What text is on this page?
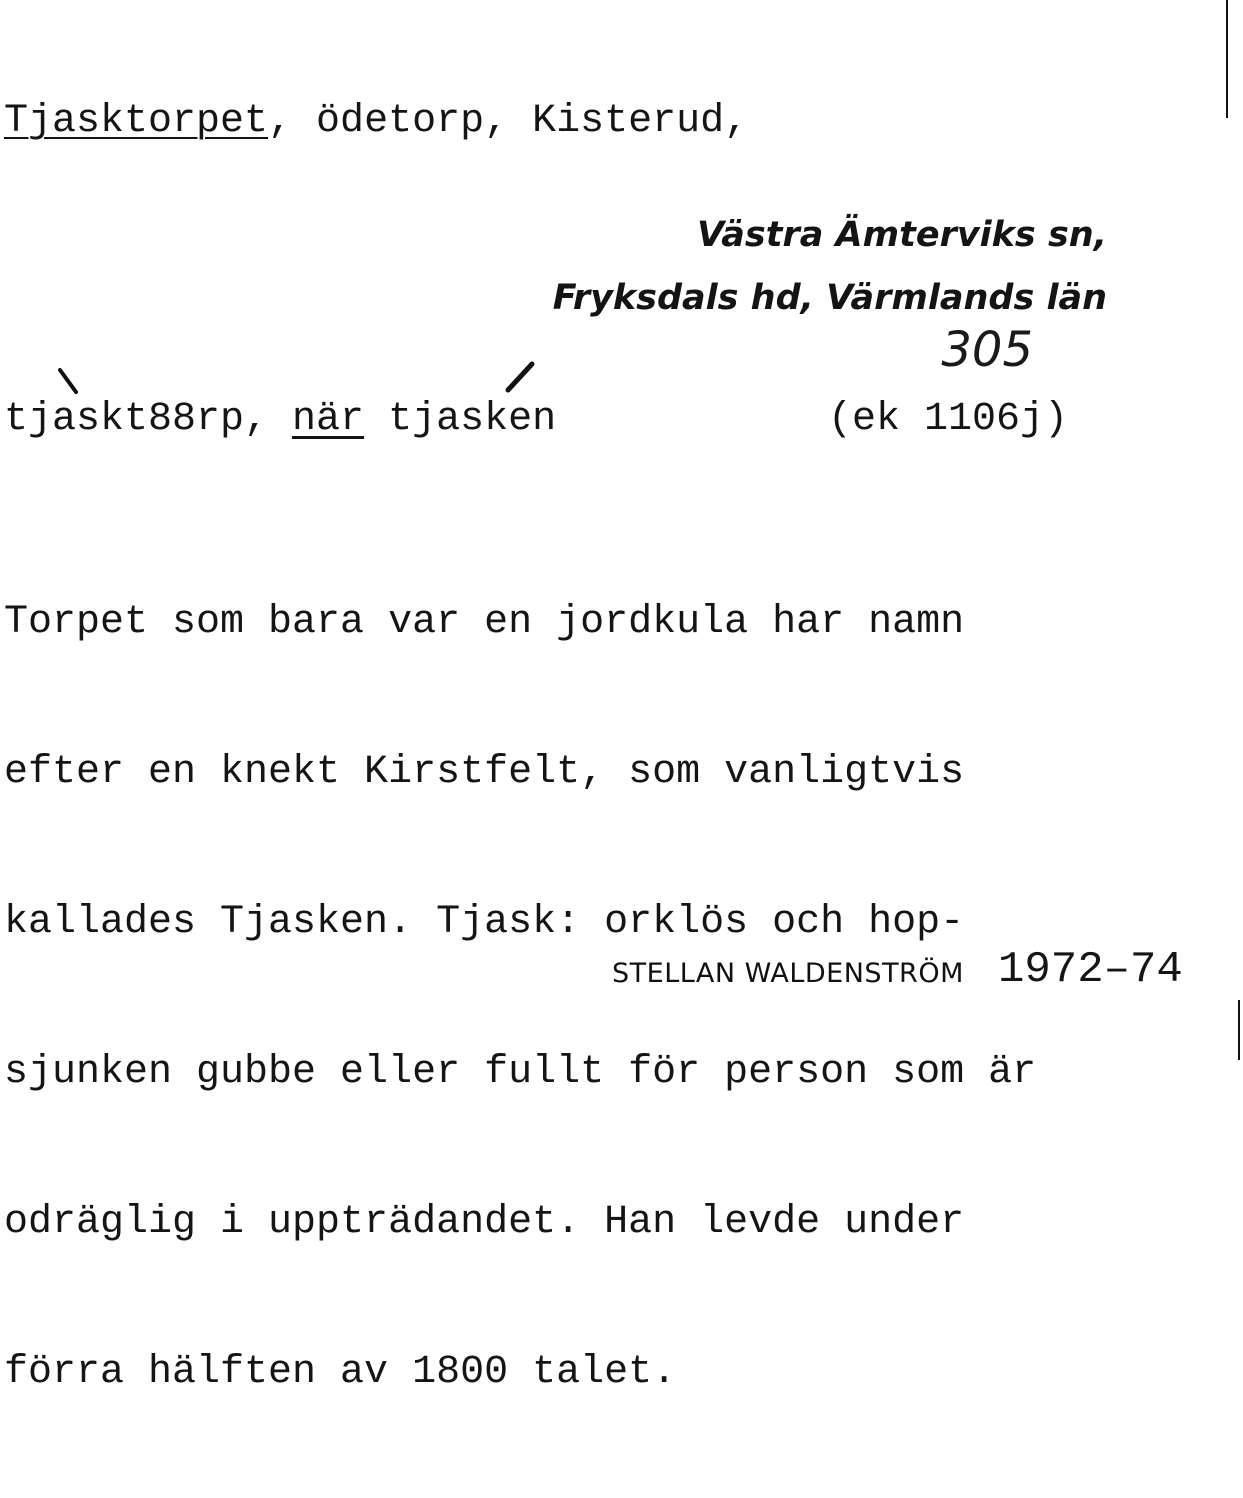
Tjasktorpet, ödetorp, Kisterud,
Västra Ämterviks sn,
Fryksdals hd, Värmlands län
305
tjaskt88rp, när tjasken	(ek 1106j)

Torpet som bara var en jordkula har namn

efter en knekt Kirstfelt, som vanligtvis

kallades Tjasken. Tjask: orklös och hop-

sjunken gubbe eller fullt för person som är

odräglig i uppträdandet. Han levde under

förra hälften av 1800 talet.

STELLAN WALDENSTRÖM 1972–74
